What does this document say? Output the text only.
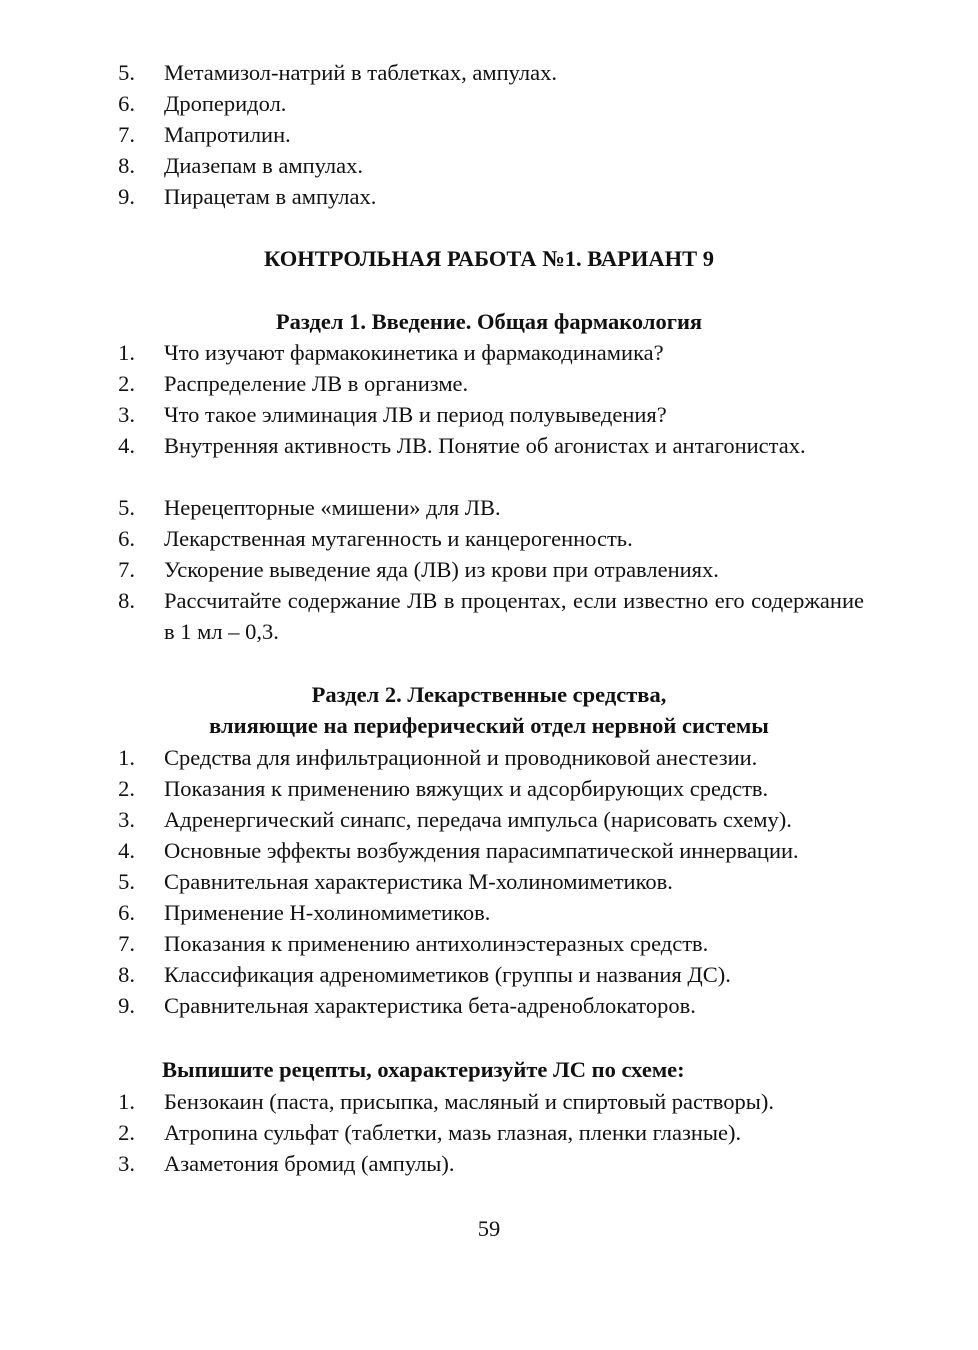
5. Метамизол-натрий в таблетках, ампулах.
6. Дроперидол.
7. Мапротилин.
8. Диазепам в ампулах.
9. Пирацетам в ампулах.
КОНТРОЛЬНАЯ РАБОТА №1. ВАРИАНТ 9
Раздел 1. Введение. Общая фармакология
1. Что изучают фармакокинетика и фармакодинамика?
2. Распределение ЛВ в организме.
3. Что такое элиминация ЛВ и период полувыведения?
4. Внутренняя активность ЛВ. Понятие об агонистах и антагонистах.
5. Нерецепторные «мишени» для ЛВ.
6. Лекарственная мутагенность и канцерогенность.
7. Ускорение выведение яда (ЛВ) из крови при отравлениях.
8. Рассчитайте содержание ЛВ в процентах, если известно его содержание в 1 мл – 0,3.
Раздел 2. Лекарственные средства,
влияющие на периферический отдел нервной системы
1. Средства для инфильтрационной и проводниковой анестезии.
2. Показания к применению вяжущих и адсорбирующих средств.
3. Адренергический синапс, передача импульса (нарисовать схему).
4. Основные эффекты возбуждения парасимпатической иннервации.
5. Сравнительная характеристика М-холиномиметиков.
6. Применение Н-холиномиметиков.
7. Показания к применению антихолинэстеразных средств.
8. Классификация адреномиметиков (группы и названия ДС).
9. Сравнительная характеристика бета-адреноблокаторов.
Выпишите рецепты, охарактеризуйте ЛС по схеме:
1. Бензокаин (паста, присыпка, масляный и спиртовый растворы).
2. Атропина сульфат (таблетки, мазь глазная, пленки глазные).
3. Азаметония бромид (ампулы).
59
